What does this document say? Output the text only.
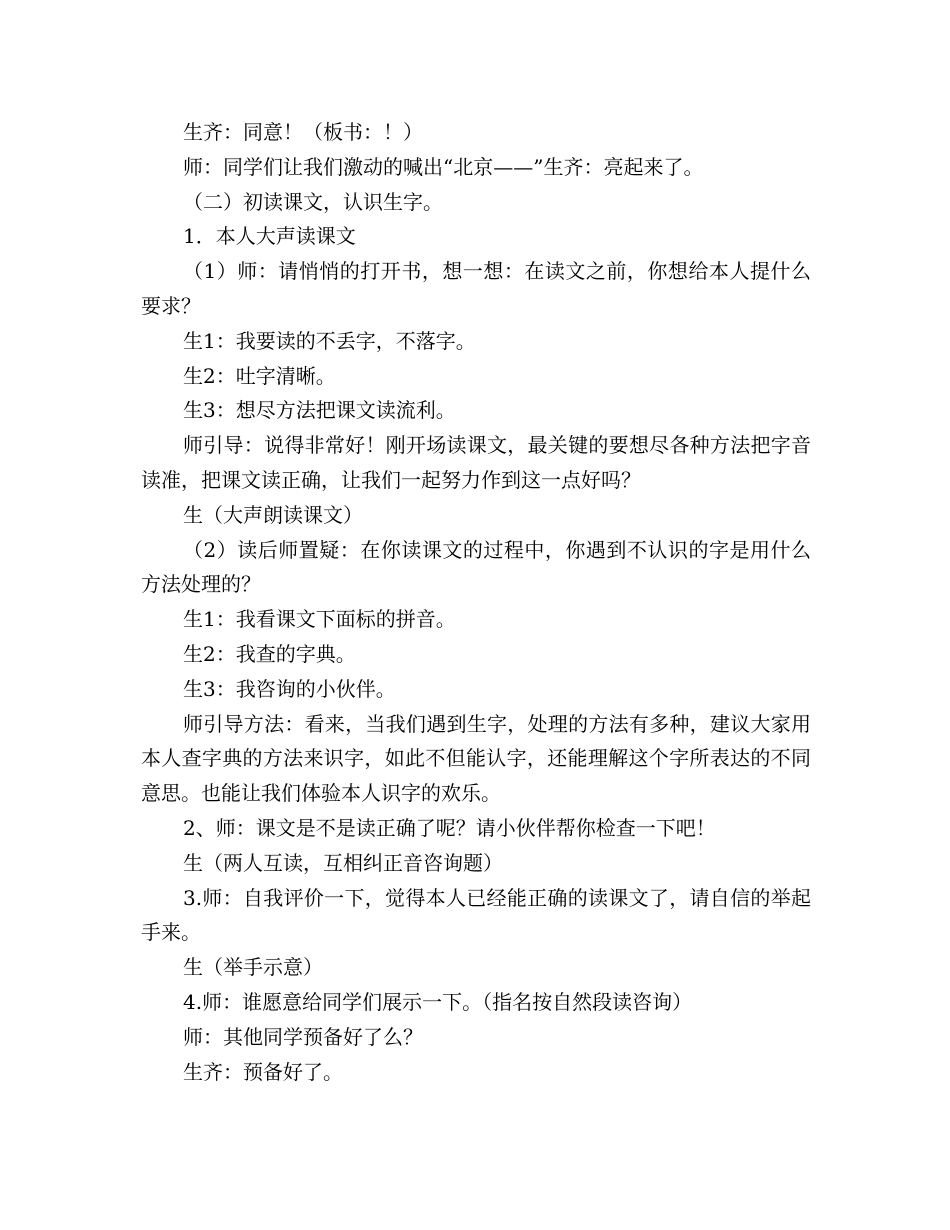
生齐：同意！（板书：！）

师：同学们让我们激动的喊出“北京——”生齐：亮起来了。

（二）初读课文，认识生字。

1．本人大声读课文

（1）师：请悄悄的打开书，想一想：在读文之前，你想给本人提什么要求？

生1：我要读的不丢字，不落字。

生2：吐字清晰。

生3：想尽方法把课文读流利。

师引导：说得非常好！刚开场读课文，最关键的要想尽各种方法把字音读准，把课文读正确，让我们一起努力作到这一点好吗？

生（大声朗读课文）

（2）读后师置疑：在你读课文的过程中，你遇到不认识的字是用什么方法处理的？

生1：我看课文下面标的拼音。

生2：我查的字典。

生3：我咨询的小伙伴。

师引导方法：看来，当我们遇到生字，处理的方法有多种，建议大家用本人查字典的方法来识字，如此不但能认字，还能理解这个字所表达的不同意思。也能让我们体验本人识字的欢乐。

2、师：课文是不是读正确了呢？请小伙伴帮你检查一下吧！

生（两人互读，互相纠正音咨询题）

3.师：自我评价一下，觉得本人已经能正确的读课文了，请自信的举起手来。

生（举手示意）

4.师：谁愿意给同学们展示一下。（指名按自然段读咨询）

师：其他同学预备好了么？

生齐：预备好了。
